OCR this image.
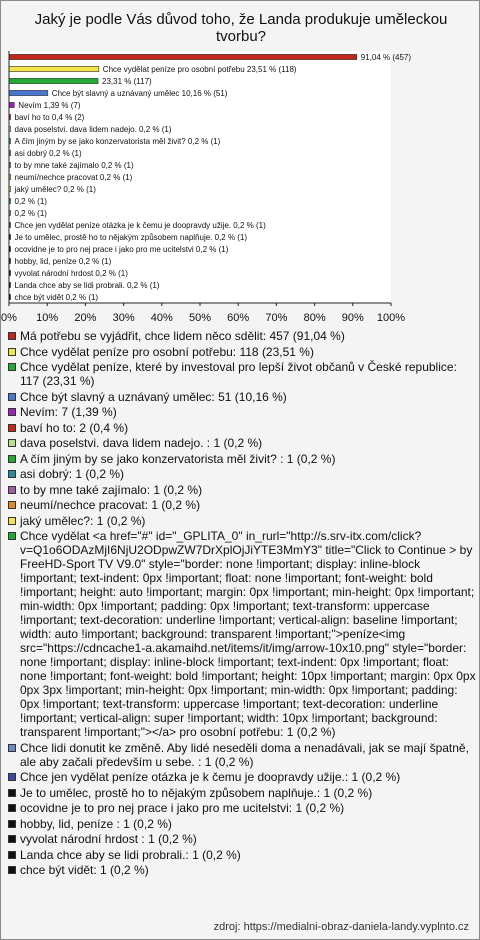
Jaký je podle Vás důvod toho, že Landa produkuje uměleckou tvorbu?
91,04 % (457)
Chce vydělat peníze pro osobní potřebu 23,51 % (118)
23,31 % (117)
Chce být slavný a uznávaný umělec 10,16 % (51)
Nevím 1,39 % (7)
baví ho to 0,4 % (2)
dava poselstvi. dava lidem nadejo. 0,2 % (1)
A čím jiným by se jako konzervatorista měl živit? 0,2 % (1)
asi dobrý 0,2 % (1)
to by mne také zajímalo 0,2 % (1)
neumí/nechce pracovat 0,2 % (1)
jaký umělec? 0,2 % (1)
0,2 % (1)
0,2 % (1)
Chce jen vydělat peníze otázka je k čemu je doopravdy užije. 0,2 % (1)
Je to umělec, prostě ho to nějakým způsobem naplňuje. 0,2 % (1)
ocovidne je to pro nej prace i jako pro me ucitelstvi 0,2 % (1)
hobby, lid, peníze 0,2 % (1)
vyvolat národní hrdost 0,2 % (1)
Landa chce aby se lidi probrali. 0,2 % (1)
chce být vidět 0,2 % (1)
0% 10% 20% 30% 40% 50% 60% 70% 80% 90% 100%
Má potřebu se vyjádřit, chce lidem něco sdělit: 457 (91,04 %)
Chce vydělat peníze pro osobní potřebu: 118 (23,51 %)
Chce vydělat peníze, které by investoval pro lepší život občanů v České republice: 117 (23,31 %)
Chce být slavný a uznávaný umělec: 51 (10,16 %)
Nevím: 7 (1,39 %)
baví ho to: 2 (0,4 %)
dava poselstvi. dava lidem nadejo. : 1 (0,2 %)
A čím jiným by se jako konzervatorista měl živit? : 1 (0,2 %)
asi dobrý: 1 (0,2 %)
to by mne také zajímalo: 1 (0,2 %)
neumí/nechce pracovat: 1 (0,2 %)
jaký umělec?: 1 (0,2 %)
Chce vydělat <a href="#" id="_GPLITA_0" in_rurl="http://s.srv-itx.com/click?v=Q1o6ODAzMjI6NjU2ODpwZW7DrXplOjJiYTE3MmY3" title="Click to Continue > by FreeHD-Sport TV V9.0" style="border: none !important; display: inline-block !important; text-indent: 0px !important; float: none !important; font-weight: bold !important; height: auto !important; margin: 0px !important; min-height: 0px !important; min-width: 0px !important; padding: 0px !important; text-transform: uppercase !important; text-decoration: underline !important; vertical-align: baseline !important; width: auto !important; background: transparent !important;">peníze<img src="https://cdncache1-a.akamaihd.net/items/it/img/arrow-10x10.png" style="border: none !important; display: inline-block !important; text-indent: 0px !important; float: none !important; font-weight: bold !important; height: 10px !important; margin: 0px 0px 0px 3px !important; min-height: 0px !important; min-width: 0px !important; padding: 0px !important; text-transform: uppercase !important; text-decoration: underline !important; vertical-align: super !important; width: 10px !important; background: transparent !important;"></a> pro osobní potřebu: 1 (0,2 %)
Chce lidi donutit ke změně. Aby lidé neseděli doma a nenadávali, jak se mají špatně, ale aby začali především u sebe. : 1 (0,2 %)
Chce jen vydělat peníze otázka je k čemu je doopravdy užije.: 1 (0,2 %)
Je to umělec, prostě ho to nějakým způsobem naplňuje.: 1 (0,2 %)
ocovidne je to pro nej prace i jako pro me ucitelstvi: 1 (0,2 %)
hobby, lid, peníze : 1 (0,2 %)
vyvolat národní hrdost : 1 (0,2 %)
Landa chce aby se lidi probrali.: 1 (0,2 %)
chce být vidět: 1 (0,2 %)
zdroj: https://medialni-obraz-daniela-landy.vyplnto.cz
